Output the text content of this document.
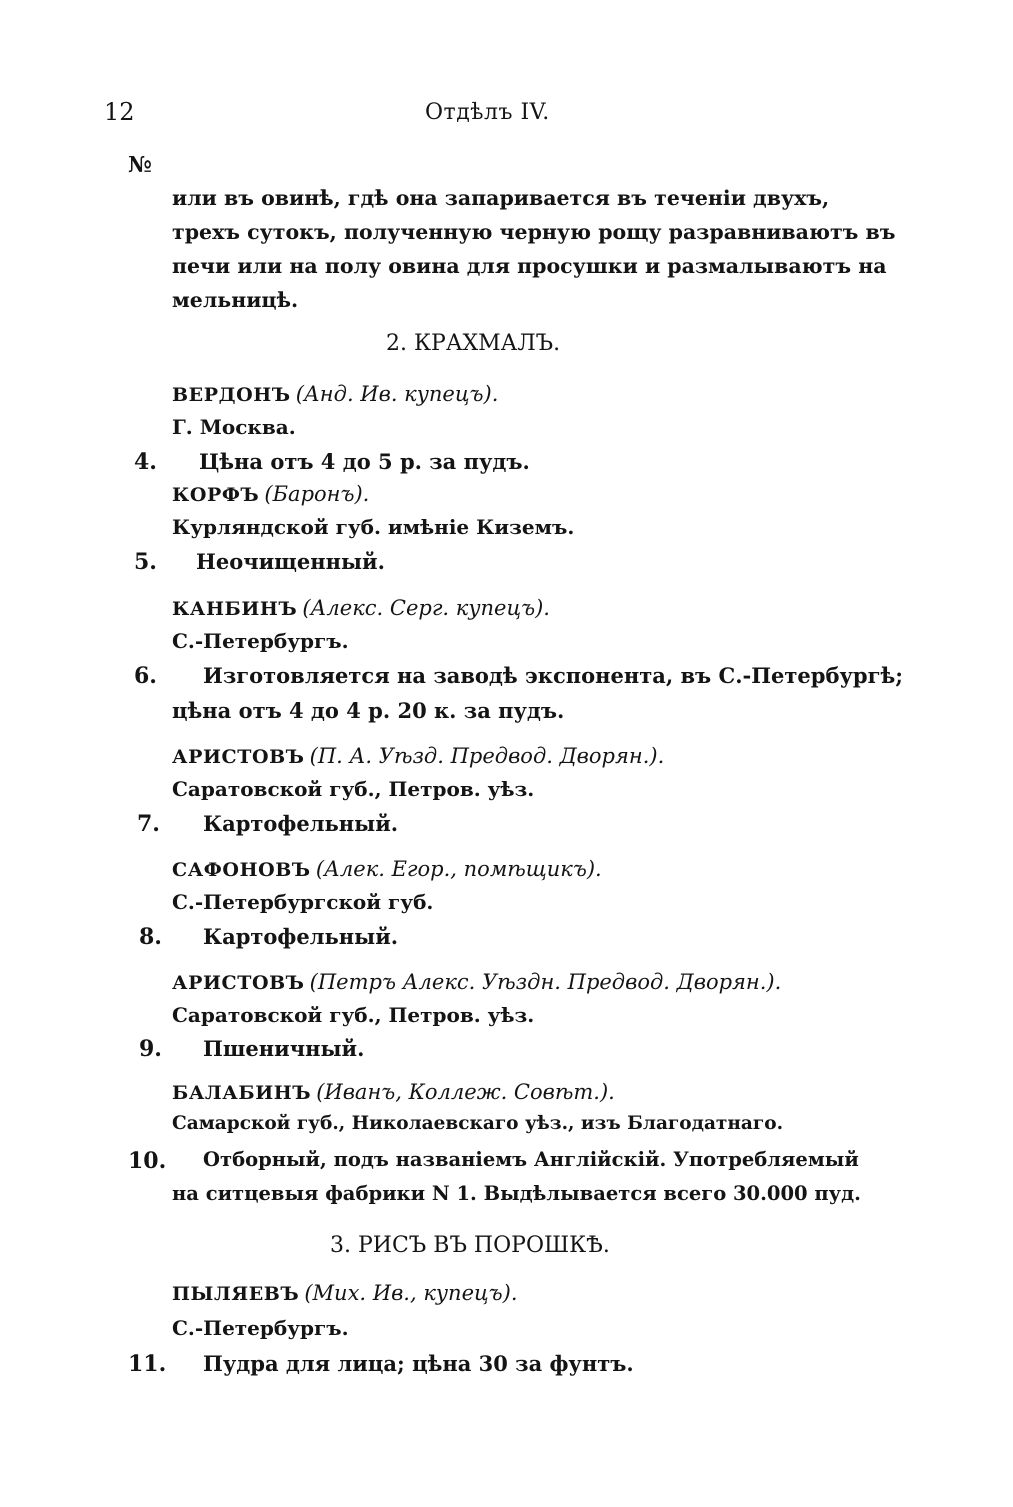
12	Отдѣлъ IV.
№
или въ овинѣ, гдѣ она запаривается въ теченіи двухъ,
трехъ сутокъ, полученную черную рощу разравниваютъ въ
печи или на полу овина для просушки и размалываютъ на
мельницѣ.
2. КРАХМАЛЪ.
ВЕРДОНЪ (Анд. Ив. купецъ).
Г. Москва.
4. Цѣна отъ 4 до 5 р. за пудъ.
КОРФЪ (Баронъ).
Курляндской губ. имѣніе Киземъ.
5. Неочищенный.
КАНБИНЪ (Алекс. Серг. купецъ).
С.-Петербургъ.
6. Изготовляется на заводѣ экспонента, въ С.-Петербургѣ;
цѣна отъ 4 до 4 р. 20 к. за пудъ.
АРИСТОВЪ (П. А. Уѣзд. Предвод. Дворян.).
Саратовской губ., Петров. уѣз.
7. Картофельный.
САФОНОВЪ (Алек. Егор., помѣщикъ).
С.-Петербургской губ.
8. Картофельный.
АРИСТОВЪ (Петръ Алекс. Уѣздн. Предвод. Дворян.).
Саратовской губ., Петров. уѣз.
9. Пшеничный.
БАЛАБИНЪ (Иванъ, Коллеж. Совѣт.).
Самарской губ., Николаевскаго уѣз., изъ Благодатнаго.
10. Отборный, подъ названіемъ Англійскій. Употребляемый
на ситцевыя фабрики N 1. Выдѣлывается всего 30.000 пуд.
3. РИСЪ ВЪ ПОРОШКѢ.
ПЫЛЯЕВЪ (Мих. Ив., купецъ).
С.-Петербургъ.
11. Пудра для лица; цѣна 30 за фунтъ.
